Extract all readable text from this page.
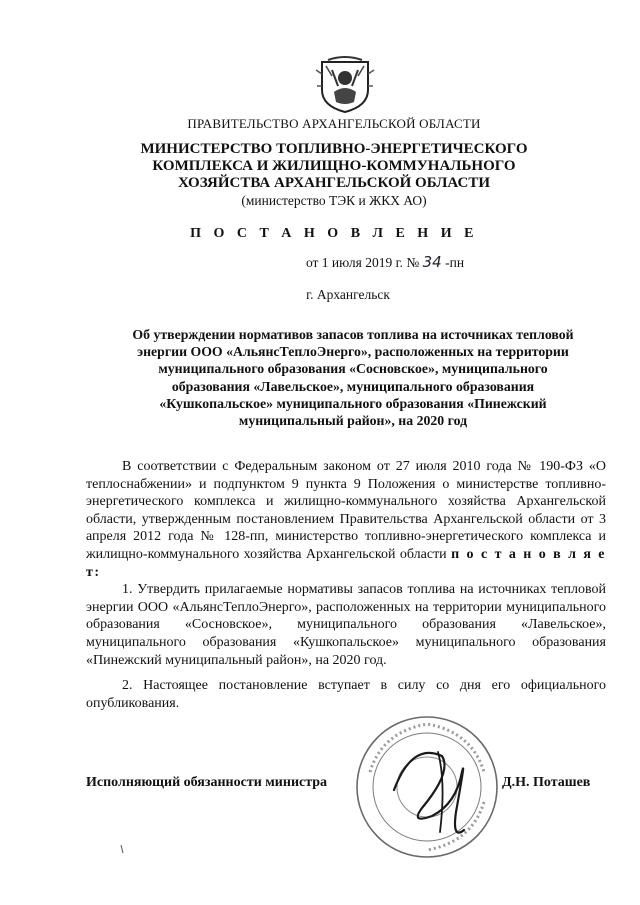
ПРАВИТЕЛЬСТВО АРХАНГЕЛЬСКОЙ ОБЛАСТИ
МИНИСТЕРСТВО ТОПЛИВНО-ЭНЕРГЕТИЧЕСКОГО
КОМПЛЕКСА И ЖИЛИЩНО-КОММУНАЛЬНОГО
ХОЗЯЙСТВА АРХАНГЕЛЬСКОЙ ОБЛАСТИ
(министерство ТЭК и ЖКХ АО)
П О С Т А Н О В Л Е Н И Е
от 1 июля 2019 г. № 34 -пн
г. Архангельск
Об утверждении нормативов запасов топлива на источниках тепловой
энергии ООО «АльянсТеплоЭнерго», расположенных на территории
муниципального образования «Сосновское», муниципального
образования «Лавельское», муниципального образования
«Кушкопальское» муниципального образования «Пинежский
муниципальный район», на 2020 год

В соответствии с Федеральным законом от 27 июля 2010 года № 190-ФЗ «О теплоснабжении» и подпунктом 9 пункта 9 Положения о министерстве топливно-энергетического комплекса и жилищно-коммунального хозяйства Архангельской области, утвержденным постановлением Правительства Архангельской области от 3 апреля 2012 года № 128-пп, министерство топливно-энергетического комплекса и жилищно-коммунального хозяйства Архангельской области п о с т а н о в л я е т:

1. Утвердить прилагаемые нормативы запасов топлива на источниках тепловой энергии ООО «АльянсТеплоЭнерго», расположенных на территории муниципального образования «Сосновское», муниципального образования «Лавельское», муниципального образования «Кушкопальское» муниципального образования «Пинежский муниципальный район», на 2020 год.

2. Настоящее постановление вступает в силу со дня его официального опубликования.

Исполняющий обязанности министра	Д.Н. Поташев
